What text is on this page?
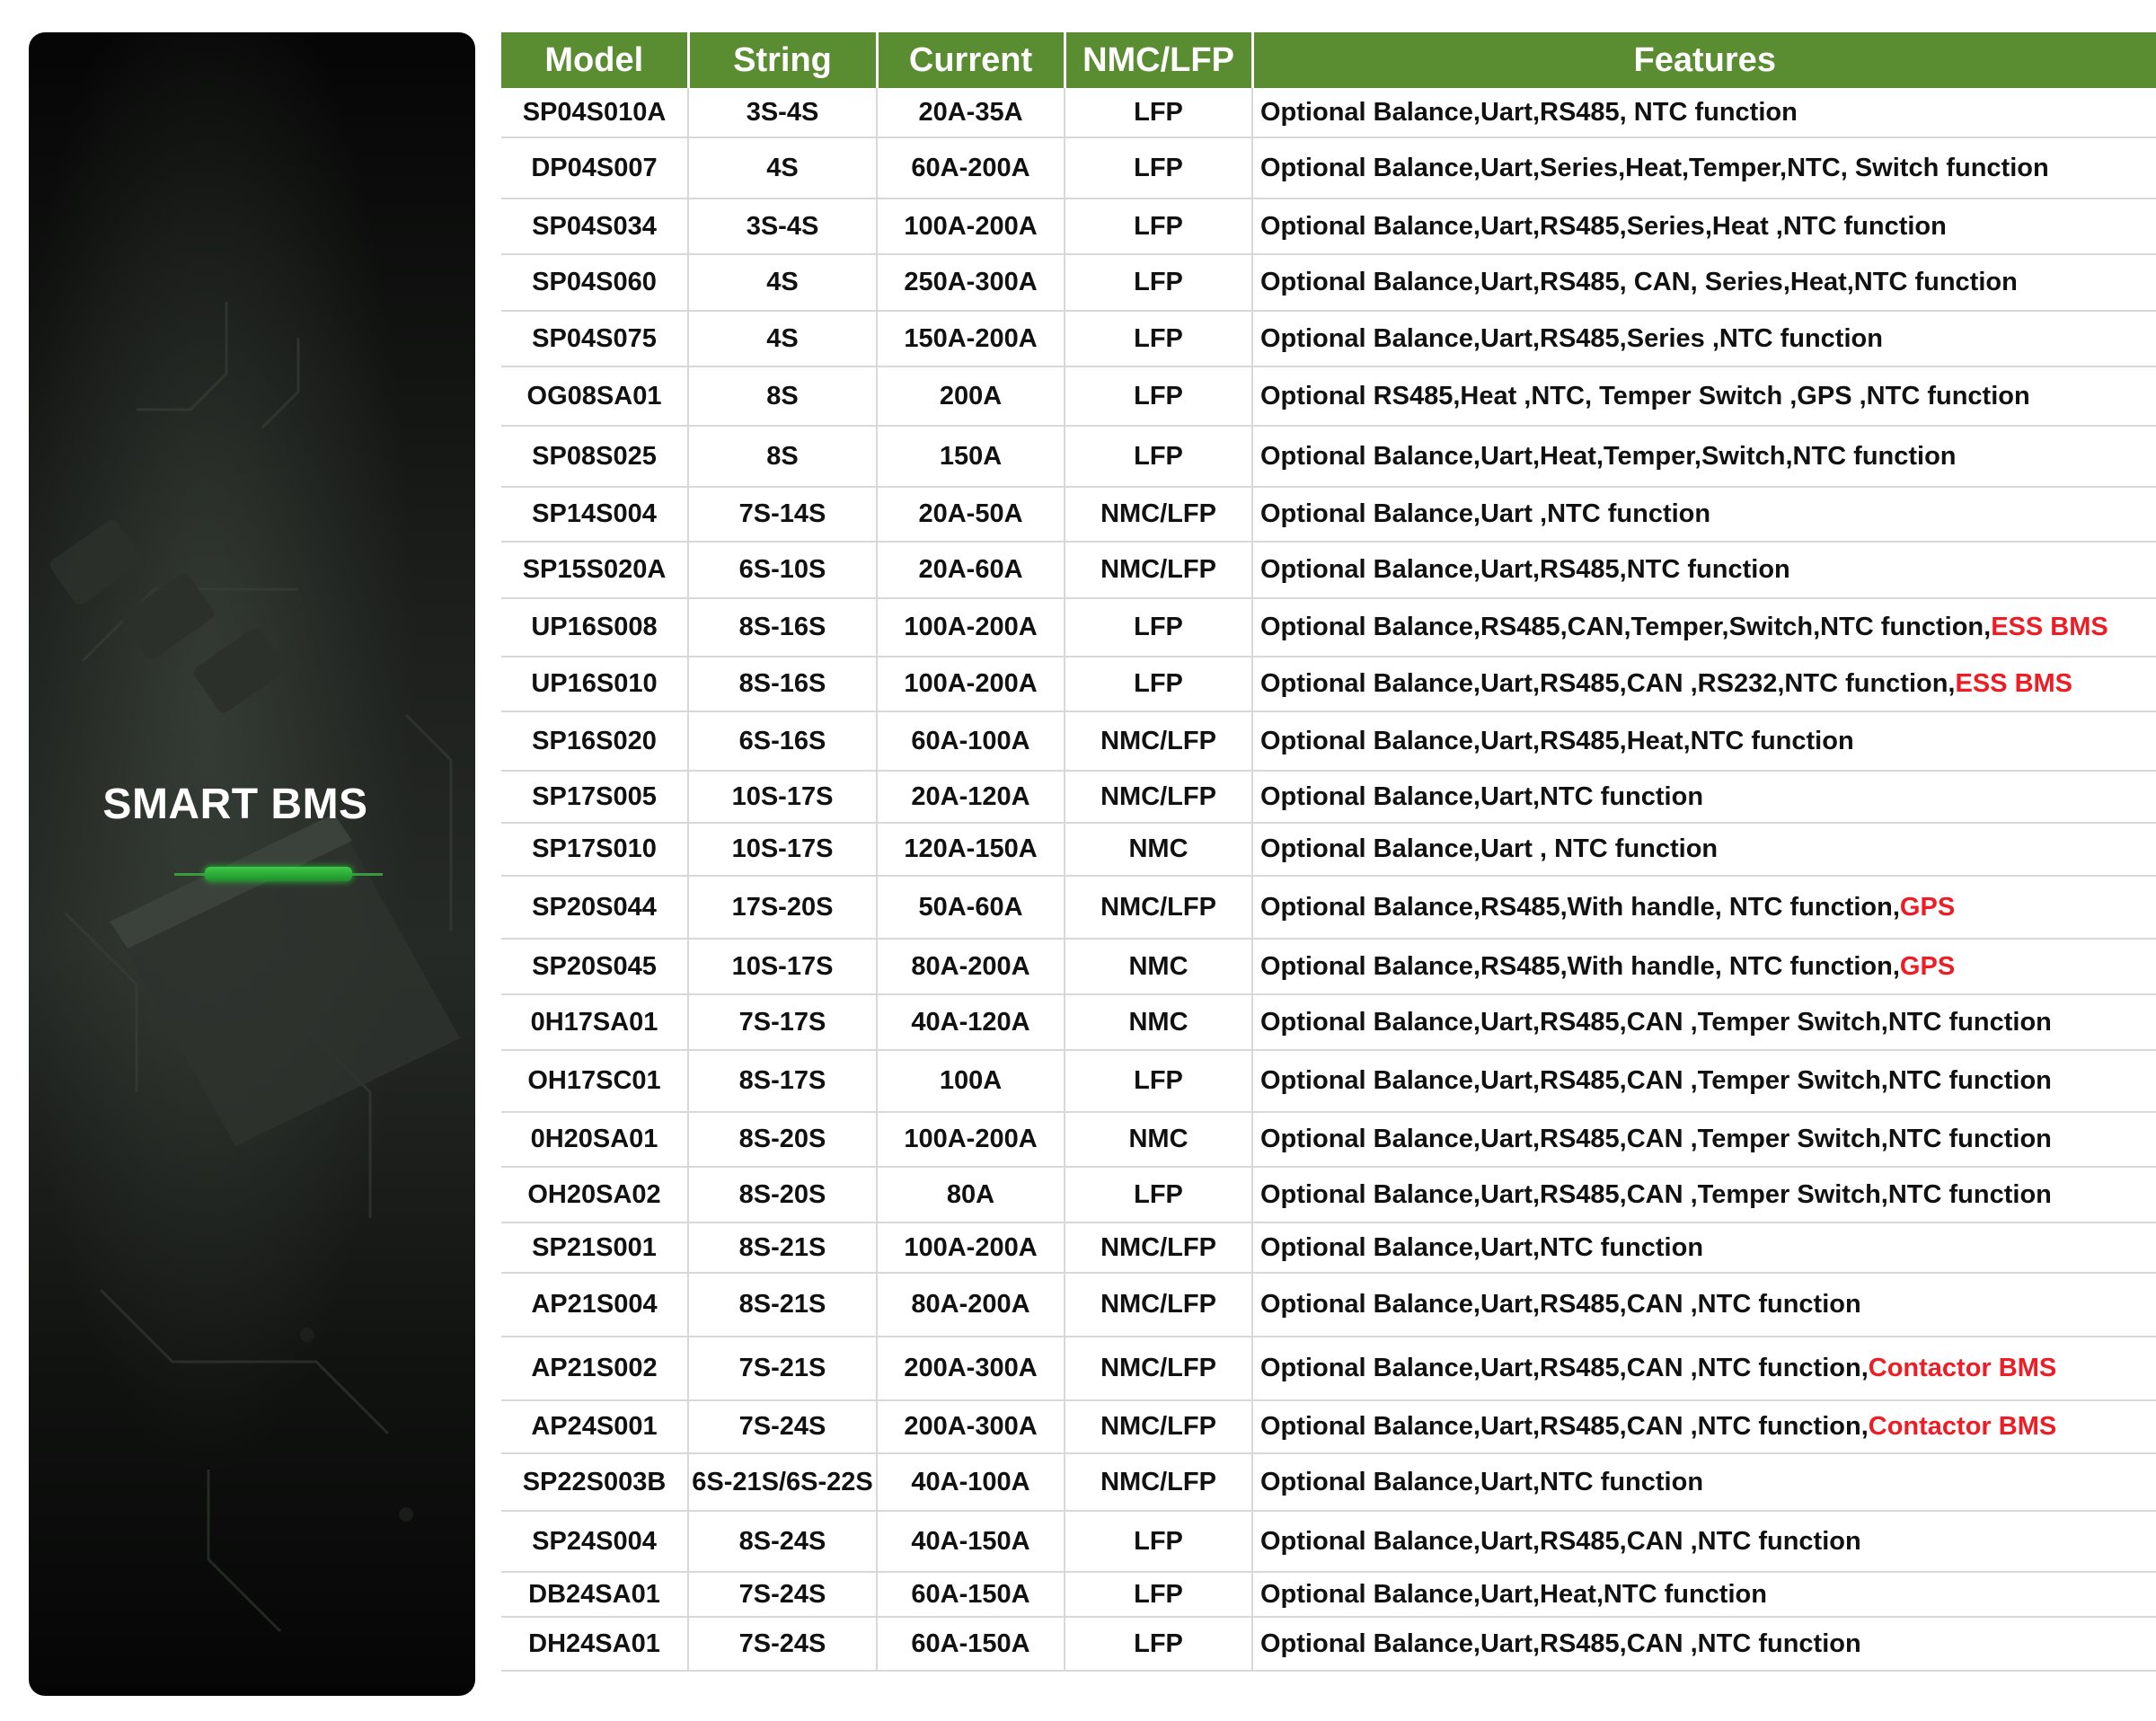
SMART BMS
Model	String	Current	NMC/LFP	Features
SP04S010A	3S-4S	20A-35A	LFP	Optional Balance,Uart,RS485, NTC function
DP04S007	4S	60A-200A	LFP	Optional Balance,Uart,Series,Heat,Temper,NTC, Switch function
SP04S034	3S-4S	100A-200A	LFP	Optional Balance,Uart,RS485,Series,Heat ,NTC function
SP04S060	4S	250A-300A	LFP	Optional Balance,Uart,RS485, CAN, Series,Heat,NTC function
SP04S075	4S	150A-200A	LFP	Optional Balance,Uart,RS485,Series ,NTC function
OG08SA01	8S	200A	LFP	Optional RS485,Heat ,NTC, Temper Switch ,GPS ,NTC function
SP08S025	8S	150A	LFP	Optional Balance,Uart,Heat,Temper,Switch,NTC function
SP14S004	7S-14S	20A-50A	NMC/LFP	Optional Balance,Uart ,NTC function
SP15S020A	6S-10S	20A-60A	NMC/LFP	Optional Balance,Uart,RS485,NTC function
UP16S008	8S-16S	100A-200A	LFP	Optional Balance,RS485,CAN,Temper,Switch,NTC function,ESS BMS
UP16S010	8S-16S	100A-200A	LFP	Optional Balance,Uart,RS485,CAN ,RS232,NTC function,ESS BMS
SP16S020	6S-16S	60A-100A	NMC/LFP	Optional Balance,Uart,RS485,Heat,NTC function
SP17S005	10S-17S	20A-120A	NMC/LFP	Optional Balance,Uart,NTC function
SP17S010	10S-17S	120A-150A	NMC	Optional Balance,Uart , NTC function
SP20S044	17S-20S	50A-60A	NMC/LFP	Optional Balance,RS485,With handle, NTC function,GPS
SP20S045	10S-17S	80A-200A	NMC	Optional Balance,RS485,With handle, NTC function,GPS
0H17SA01	7S-17S	40A-120A	NMC	Optional Balance,Uart,RS485,CAN ,Temper Switch,NTC function
OH17SC01	8S-17S	100A	LFP	Optional Balance,Uart,RS485,CAN ,Temper Switch,NTC function
0H20SA01	8S-20S	100A-200A	NMC	Optional Balance,Uart,RS485,CAN ,Temper Switch,NTC function
OH20SA02	8S-20S	80A	LFP	Optional Balance,Uart,RS485,CAN ,Temper Switch,NTC function
SP21S001	8S-21S	100A-200A	NMC/LFP	Optional Balance,Uart,NTC function
AP21S004	8S-21S	80A-200A	NMC/LFP	Optional Balance,Uart,RS485,CAN ,NTC function
AP21S002	7S-21S	200A-300A	NMC/LFP	Optional Balance,Uart,RS485,CAN ,NTC function,Contactor BMS
AP24S001	7S-24S	200A-300A	NMC/LFP	Optional Balance,Uart,RS485,CAN ,NTC function,Contactor BMS
SP22S003B	6S-21S/6S-22S	40A-100A	NMC/LFP	Optional Balance,Uart,NTC function
SP24S004	8S-24S	40A-150A	LFP	Optional Balance,Uart,RS485,CAN ,NTC function
DB24SA01	7S-24S	60A-150A	LFP	Optional Balance,Uart,Heat,NTC function
DH24SA01	7S-24S	60A-150A	LFP	Optional Balance,Uart,RS485,CAN ,NTC function
